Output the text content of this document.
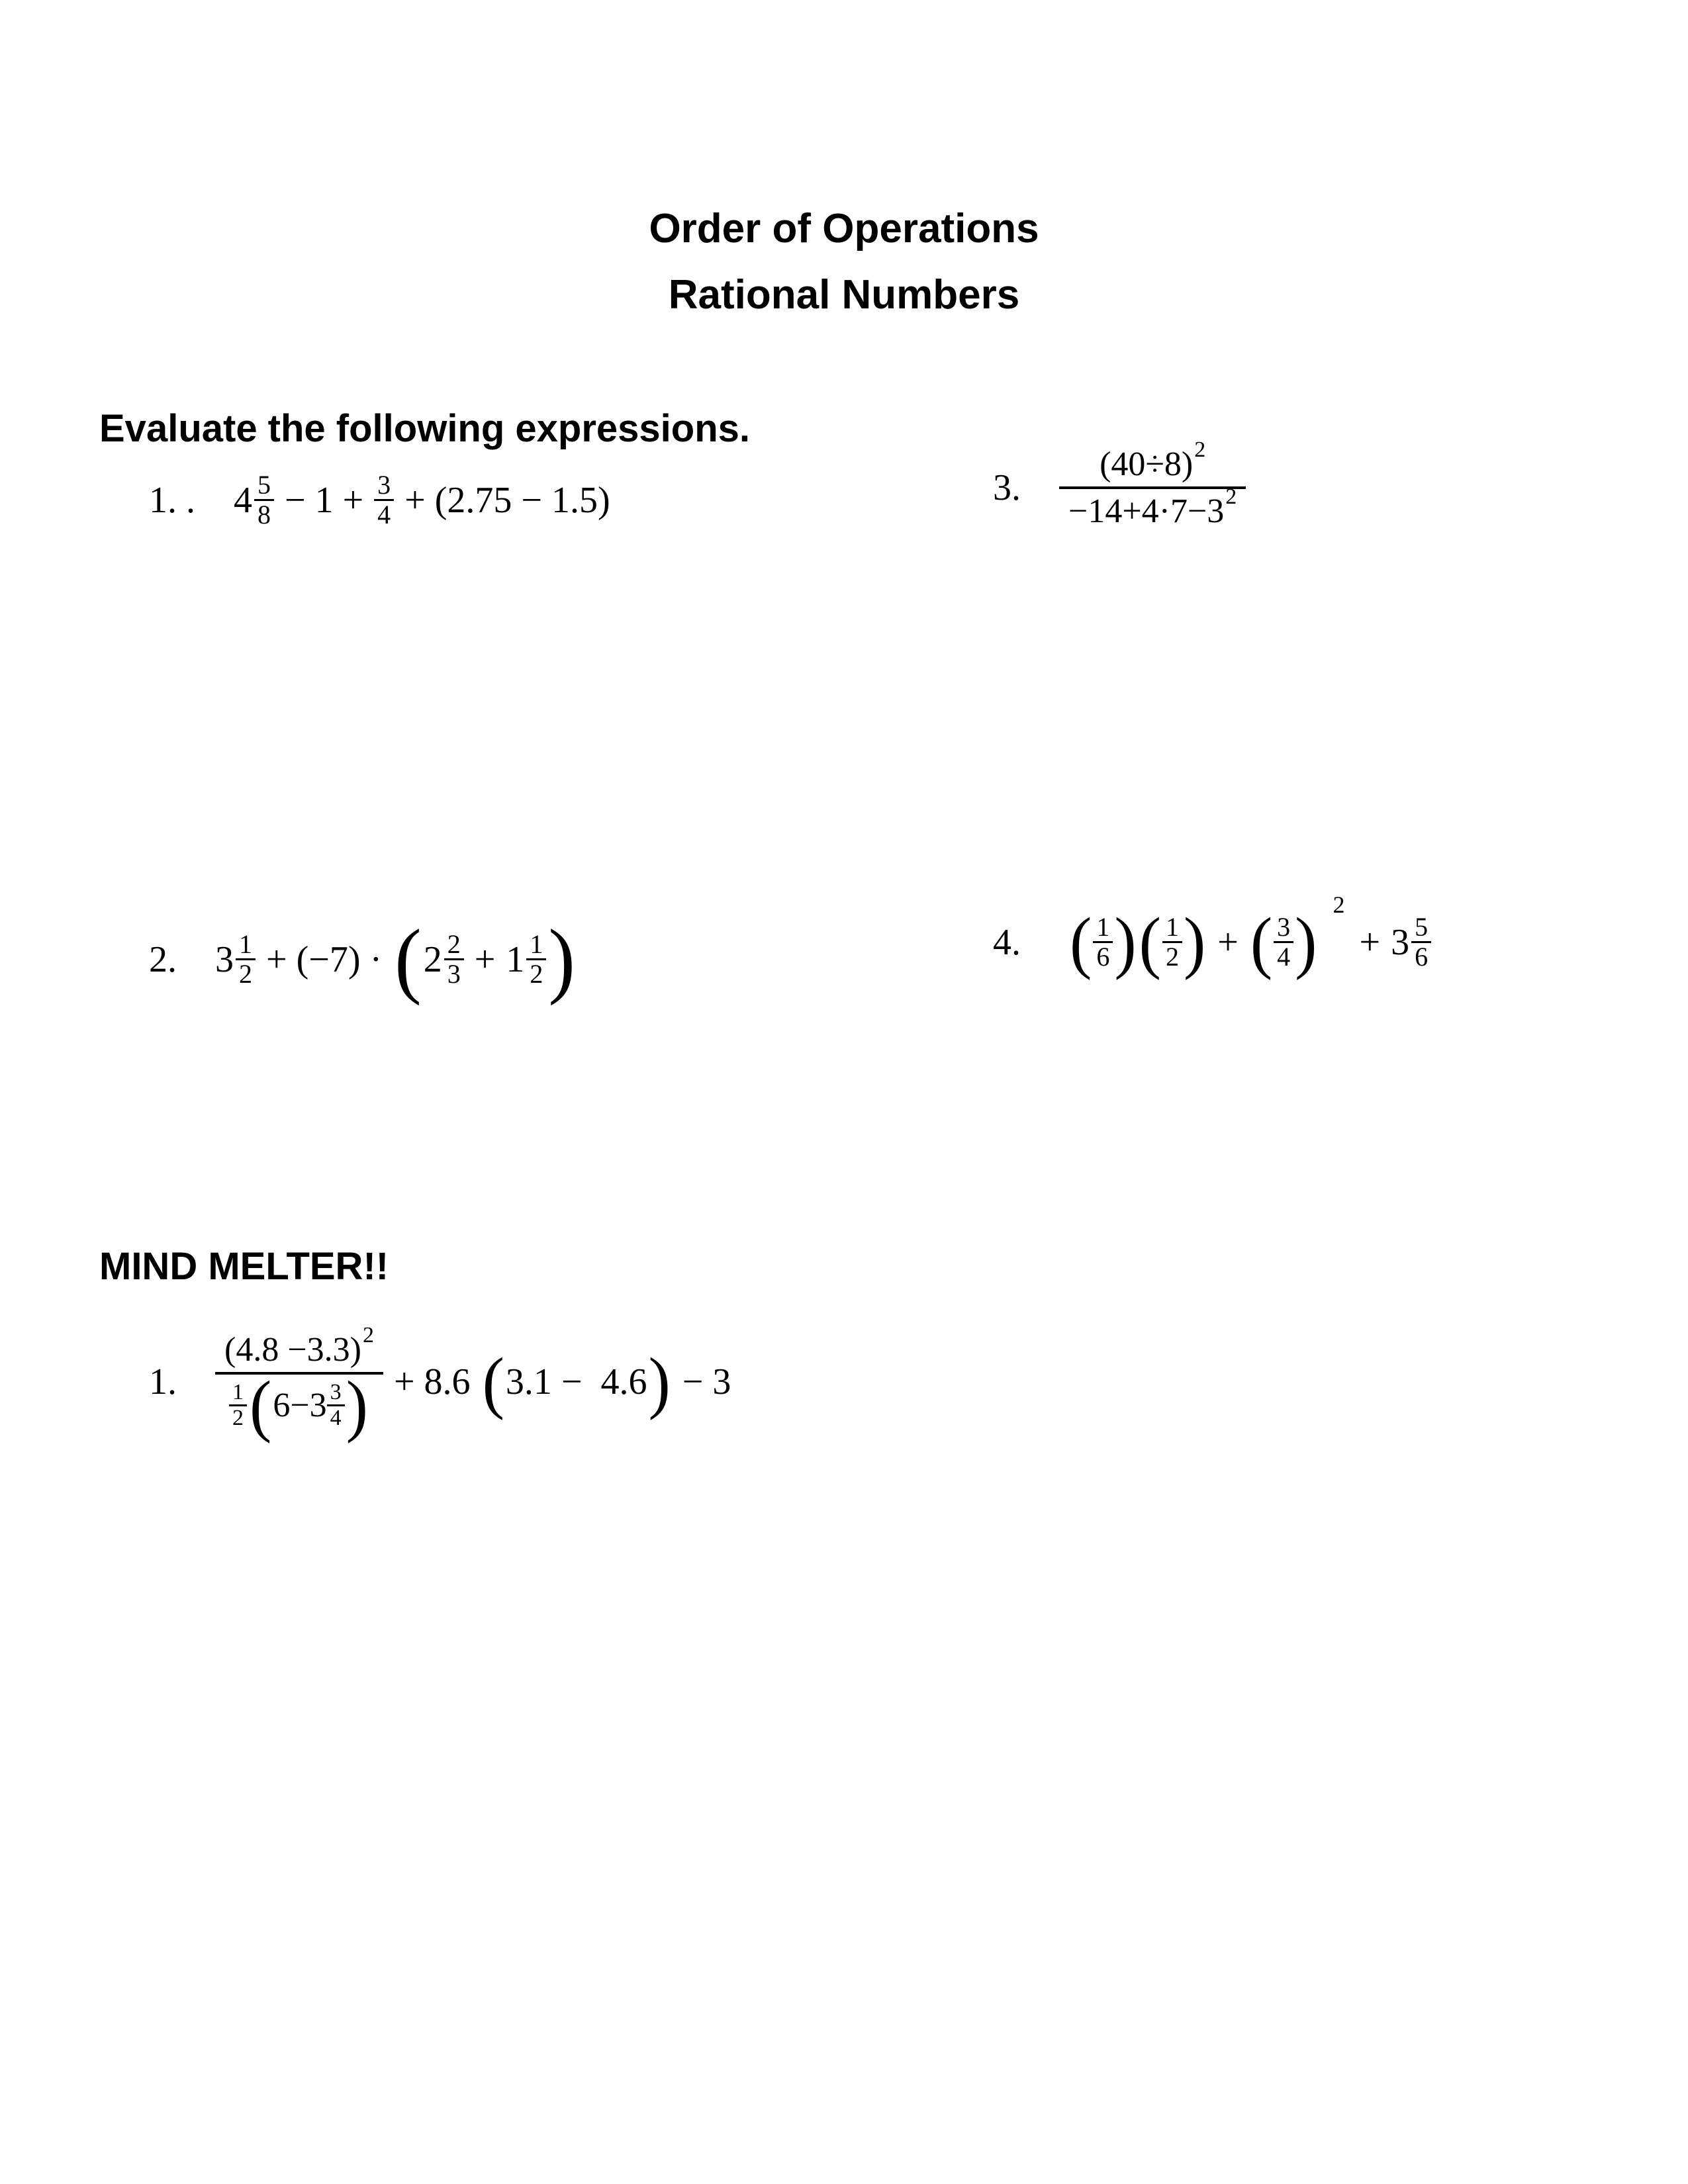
Order of Operations
Rational Numbers
Evaluate the following expressions.
1. . $4 \frac{5}{8} - 1 + \frac{3}{4} + (2.75 - 1.5)$	3. $\frac{(40\div 8) 2}{-14+4\cdot 7-3 2}$
2. $3 \frac{1}{2} + (-7)$ · ( $2 \frac{2}{3} + 1 \frac{1}{2}$ )	4. ( $\frac{1}{6}$ ) ( $\frac{1}{2}$ ) + ( $\frac{3}{4}$ ) 2
+ $3 \frac{5}{6}$
MIND MELTER!!
1.
(4.8 −3.3) 2
$\frac{1}{2}$ ( $6-3 \frac{3}{4}$ ) + 8.6 ( 3.1 −  4.6 ) − 3
